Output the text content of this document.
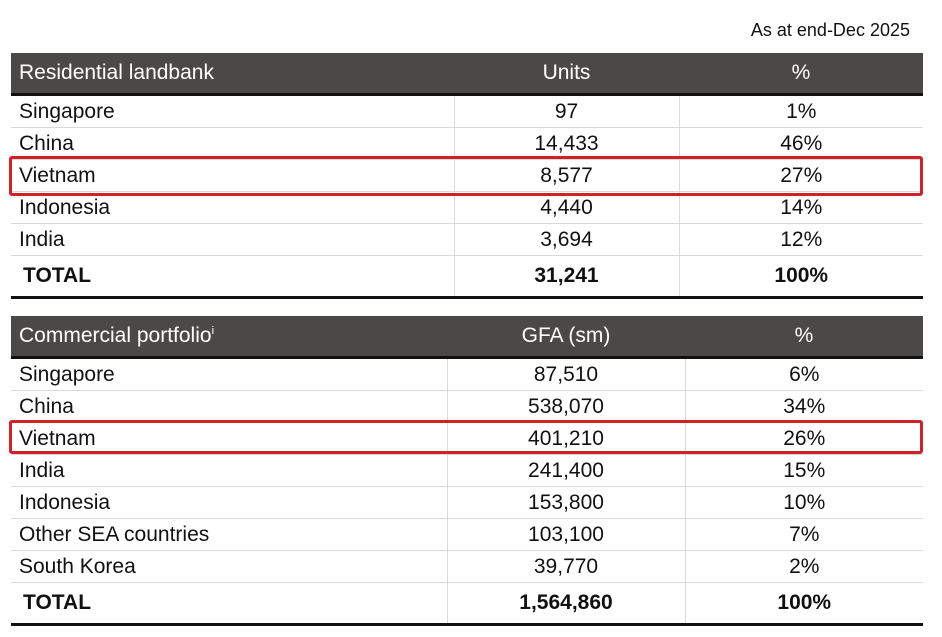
As at end-Dec 2025
Residential landbank	Units	%
Singapore	97	1%
China	14,433	46%
Vietnam	8,577	27%
Indonesia	4,440	14%
India	3,694	12%
TOTAL	31,241	100%
Commercial portfolio$^i$	GFA (sm)	%
Singapore	87,510	6%
China	538,070	34%
Vietnam	401,210	26%
India	241,400	15%
Indonesia	153,800	10%
Other SEA countries	103,100	7%
South Korea	39,770	2%
TOTAL	1,564,860	100%
